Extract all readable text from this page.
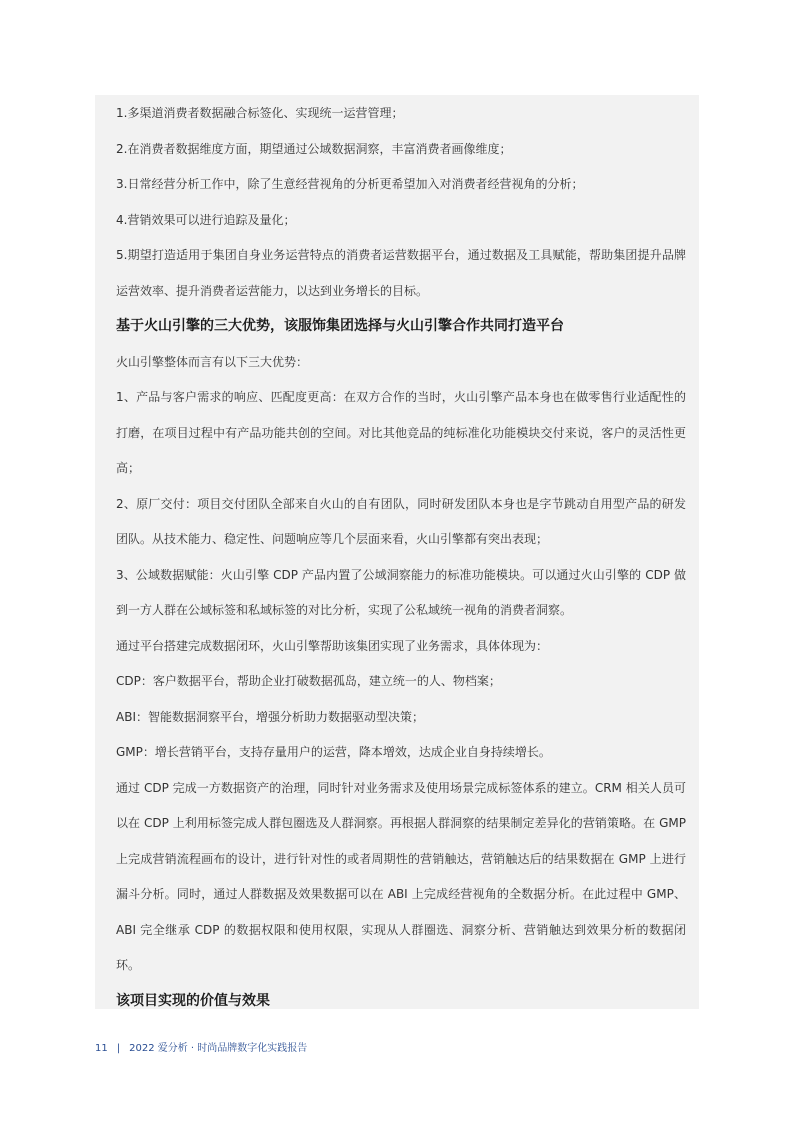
1.多渠道消费者数据融合标签化、实现统一运营管理；

2.在消费者数据维度方面，期望通过公域数据洞察，丰富消费者画像维度；

3.日常经营分析工作中，除了生意经营视角的分析更希望加入对消费者经营视角的分析；

4.营销效果可以进行追踪及量化；

5.期望打造适用于集团自身业务运营特点的消费者运营数据平台，通过数据及工具赋能，帮助集团提升品牌运营效率、提升消费者运营能力，以达到业务增长的目标。

基于火山引擎的三大优势，该服饰集团选择与火山引擎合作共同打造平台

火山引擎整体而言有以下三大优势：

1、产品与客户需求的响应、匹配度更高：在双方合作的当时，火山引擎产品本身也在做零售行业适配性的打磨，在项目过程中有产品功能共创的空间。对比其他竞品的纯标准化功能模块交付来说，客户的灵活性更高；

2、原厂交付：项目交付团队全部来自火山的自有团队，同时研发团队本身也是字节跳动自用型产品的研发团队。从技术能力、稳定性、问题响应等几个层面来看，火山引擎都有突出表现；

3、公域数据赋能：火山引擎 CDP 产品内置了公域洞察能力的标准功能模块。可以通过火山引擎的 CDP 做到一方人群在公域标签和私域标签的对比分析，实现了公私域统一视角的消费者洞察。

通过平台搭建完成数据闭环，火山引擎帮助该集团实现了业务需求，具体体现为：

CDP：客户数据平台，帮助企业打破数据孤岛，建立统一的人、物档案；

ABI：智能数据洞察平台，增强分析助力数据驱动型决策；

GMP：增长营销平台，支持存量用户的运营，降本增效，达成企业自身持续增长。

通过 CDP 完成一方数据资产的治理，同时针对业务需求及使用场景完成标签体系的建立。CRM 相关人员可以在 CDP 上利用标签完成人群包圈选及人群洞察。再根据人群洞察的结果制定差异化的营销策略。在 GMP 上完成营销流程画布的设计，进行针对性的或者周期性的营销触达，营销触达后的结果数据在 GMP 上进行漏斗分析。同时，通过人群数据及效果数据可以在 ABI 上完成经营视角的全数据分析。在此过程中 GMP、ABI 完全继承 CDP 的数据权限和使用权限，实现从人群圈选、洞察分析、营销触达到效果分析的数据闭环。

该项目实现的价值与效果
11 | 2022 爱分析 · 时尚品牌数字化实践报告
